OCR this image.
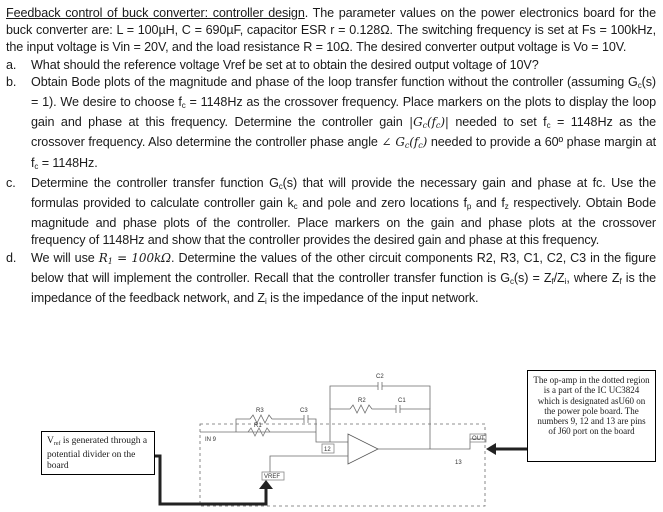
Feedback control of buck converter: controller design. The parameter values on the power electronics board for the buck converter are: L = 100µH, C = 690µF, capacitor ESR r = 0.128Ω. The switching frequency is set at Fs = 100kHz, the input voltage is Vin = 20V, and the load resistance R = 10Ω. The desired converter output voltage is Vo = 10V.

a. What should the reference voltage Vref be set at to obtain the desired output voltage of 10V?
b. Obtain Bode plots of the magnitude and phase of the loop transfer function without the controller (assuming $G_c(s) = 1$). We desire to choose $f_c = 1148Hz$ as the crossover frequency. Place markers on the plots to display the loop gain and phase at this frequency. Determine the controller gain $|G_c(f_c)|$ needed to set $f_c = 1148Hz$ as the crossover frequency. Also determine the controller phase angle ∠ $G_c(f_c)$ needed to provide a 60º phase margin at $f_c = 1148Hz$.
c. Determine the controller transfer function $G_c(s)$ that will provide the necessary gain and phase at fc. Use the formulas provided to calculate controller gain $k_c$ and pole and zero locations $f_p$ and $f_z$ respectively. Obtain Bode magnitude and phase plots of the controller. Place markers on the gain and phase plots at the crossover frequency of 1148Hz and show that the controller provides the desired gain and phase at this frequency.
d. We will use $R_1 = 100k\Omega$. Determine the values of the other circuit components R2, R3, C1, C2, C3 in the figure below that will implement the controller. Recall that the controller transfer function is $G_c(s) = Z_f/Z_i$, where $Z_f$ is the impedance of the feedback network, and $Z_i$ is the impedance of the input network.
C2
R3	C3
R2	C1
R1
IN 9
12
13
OUT
VREF
$V_{ref}$ is generated through a potential divider on the board
The op-amp in the dotted region is a part of the IC UC3824 which is designated asU60 on the power pole board. The numbers 9, 12 and 13 are pins of J60 port on the board
